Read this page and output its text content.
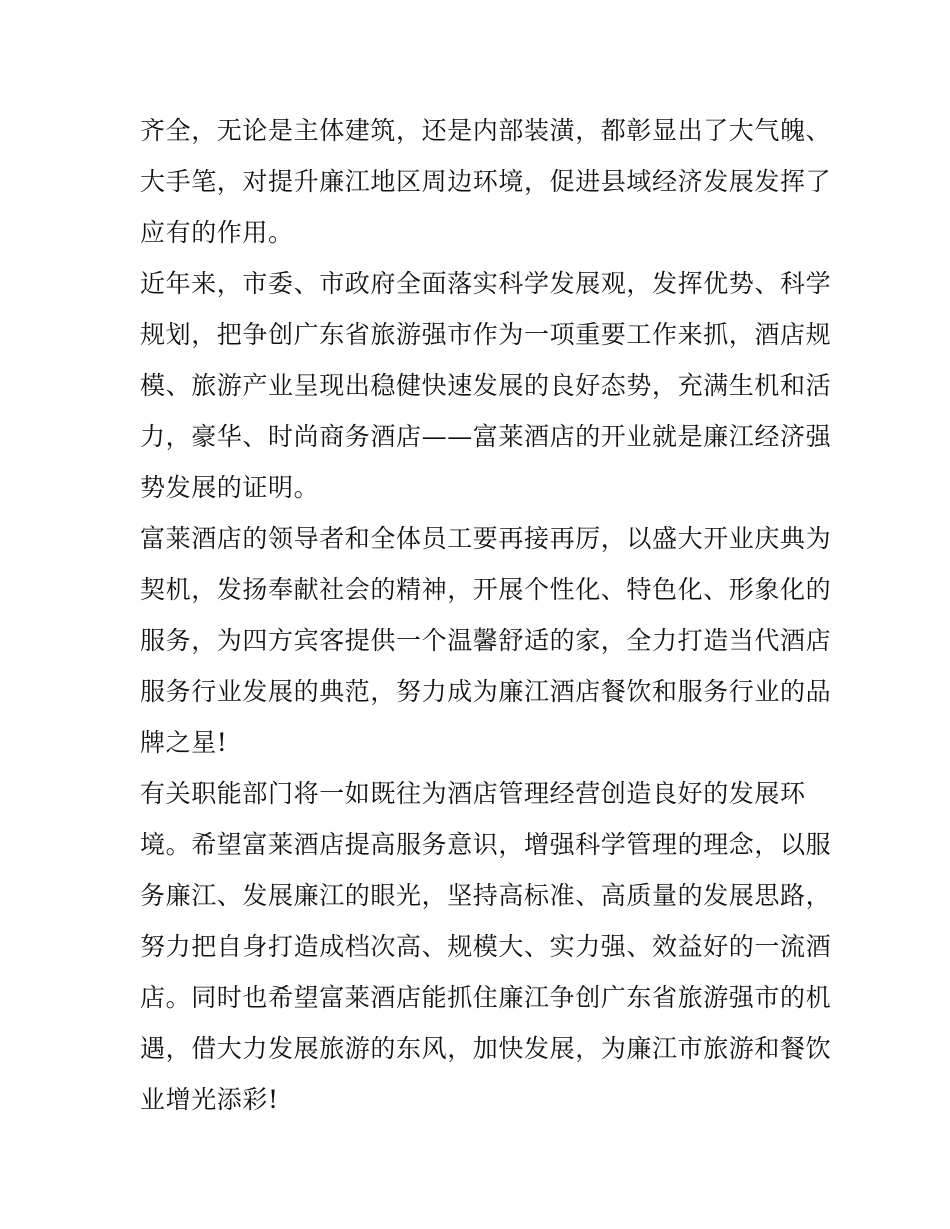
齐全，无论是主体建筑，还是内部装潢，都彰显出了大气魄、
大手笔，对提升廉江地区周边环境，促进县域经济发展发挥了
应有的作用。
近年来，市委、市政府全面落实科学发展观，发挥优势、科学
规划，把争创广东省旅游强市作为一项重要工作来抓，酒店规
模、旅游产业呈现出稳健快速发展的良好态势，充满生机和活
力，豪华、时尚商务酒店——富莱酒店的开业就是廉江经济强
势发展的证明。
富莱酒店的领导者和全体员工要再接再厉，以盛大开业庆典为
契机，发扬奉献社会的精神，开展个性化、特色化、形象化的
服务，为四方宾客提供一个温馨舒适的家，全力打造当代酒店
服务行业发展的典范，努力成为廉江酒店餐饮和服务行业的品
牌之星!
有关职能部门将一如既往为酒店管理经营创造良好的发展环
境。希望富莱酒店提高服务意识，增强科学管理的理念，以服
务廉江、发展廉江的眼光，坚持高标准、高质量的发展思路，
努力把自身打造成档次高、规模大、实力强、效益好的一流酒
店。同时也希望富莱酒店能抓住廉江争创广东省旅游强市的机
遇，借大力发展旅游的东风，加快发展，为廉江市旅游和餐饮
业增光添彩!
